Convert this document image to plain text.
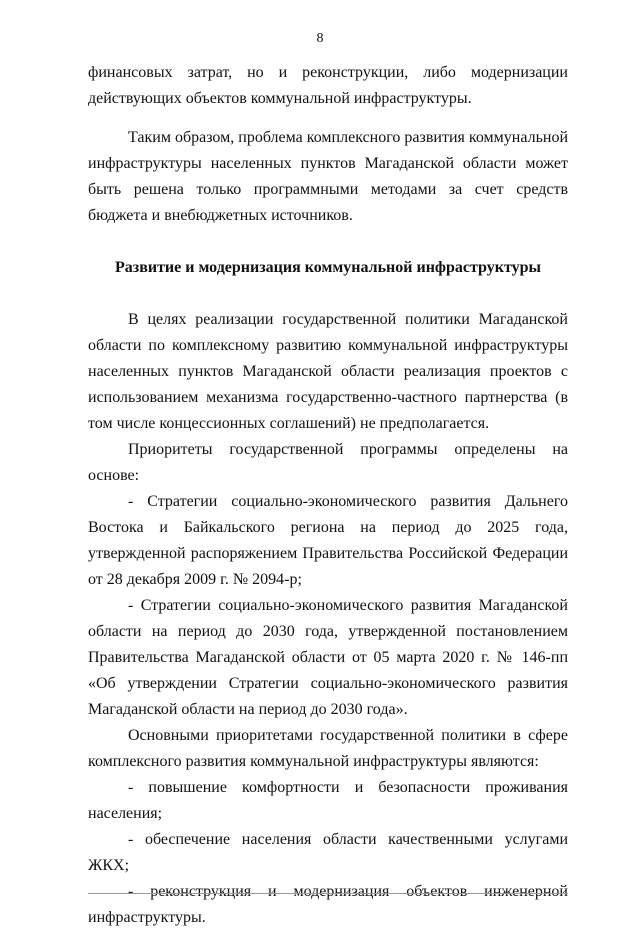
8

финансовых затрат, но и реконструкции, либо модернизации действующих объектов коммунальной инфраструктуры.

Таким образом, проблема комплексного развития коммунальной инфраструктуры населенных пунктов Магаданской области может быть решена только программными методами за счет средств бюджета и внебюджетных источников.

Развитие и модернизация коммунальной инфраструктуры

В целях реализации государственной политики Магаданской области по комплексному развитию коммунальной инфраструктуры населенных пунктов Магаданской области реализация проектов с использованием механизма государственно-частного партнерства (в том числе концессионных соглашений) не предполагается.

Приоритеты государственной программы определены на основе:

- Стратегии социально-экономического развития Дальнего Востока и Байкальского региона на период до 2025 года, утвержденной распоряжением Правительства Российской Федерации от 28 декабря 2009 г. № 2094-р;

- Стратегии социально-экономического развития Магаданской области на период до 2030 года, утвержденной постановлением Правительства Магаданской области от 05 марта 2020 г. № 146-пп «Об утверждении Стратегии социально-экономического развития Магаданской области на период до 2030 года».

Основными приоритетами государственной политики в сфере комплексного развития коммунальной инфраструктуры являются:

- повышение комфортности и безопасности проживания населения;

- обеспечение населения области качественными услугами ЖКХ;

- реконструкция и модернизация объектов инженерной инфраструктуры.
